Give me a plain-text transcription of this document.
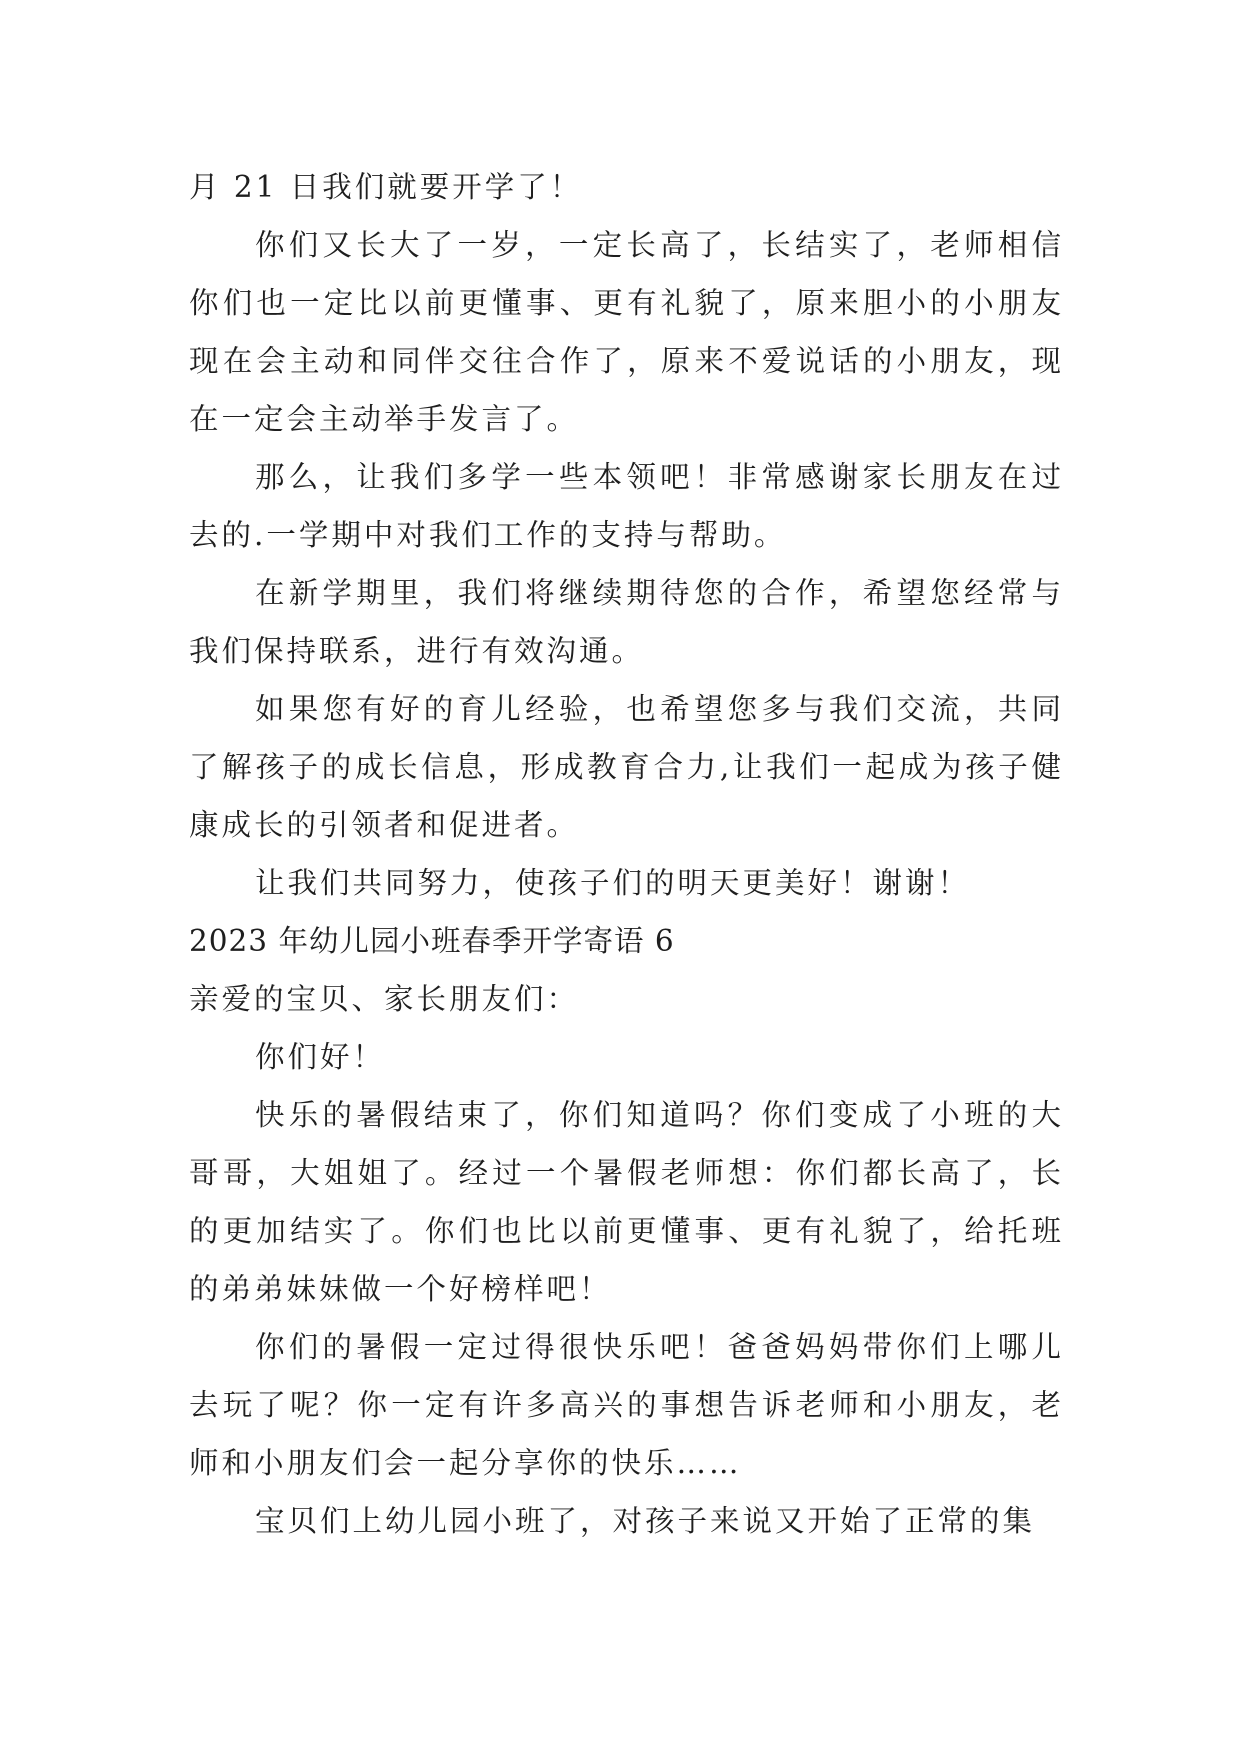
月 21 日我们就要开学了！

你们又长大了一岁，一定长高了，长结实了，老师相信你们也一定比以前更懂事、更有礼貌了，原来胆小的小朋友现在会主动和同伴交往合作了，原来不爱说话的小朋友，现在一定会主动举手发言了。

那么，让我们多学一些本领吧！非常感谢家长朋友在过去的.一学期中对我们工作的支持与帮助。

在新学期里，我们将继续期待您的合作，希望您经常与我们保持联系，进行有效沟通。

如果您有好的育儿经验，也希望您多与我们交流，共同了解孩子的成长信息，形成教育合力,让我们一起成为孩子健康成长的引领者和促进者。

让我们共同努力，使孩子们的明天更美好！谢谢！

2023 年幼儿园小班春季开学寄语 6

亲爱的宝贝、家长朋友们：

你们好！

快乐的暑假结束了，你们知道吗？你们变成了小班的大哥哥，大姐姐了。经过一个暑假老师想：你们都长高了，长的更加结实了。你们也比以前更懂事、更有礼貌了，给托班的弟弟妹妹做一个好榜样吧！

你们的暑假一定过得很快乐吧！爸爸妈妈带你们上哪儿去玩了呢？你一定有许多高兴的事想告诉老师和小朋友，老师和小朋友们会一起分享你的快乐……

宝贝们上幼儿园小班了，对孩子来说又开始了正常的集
